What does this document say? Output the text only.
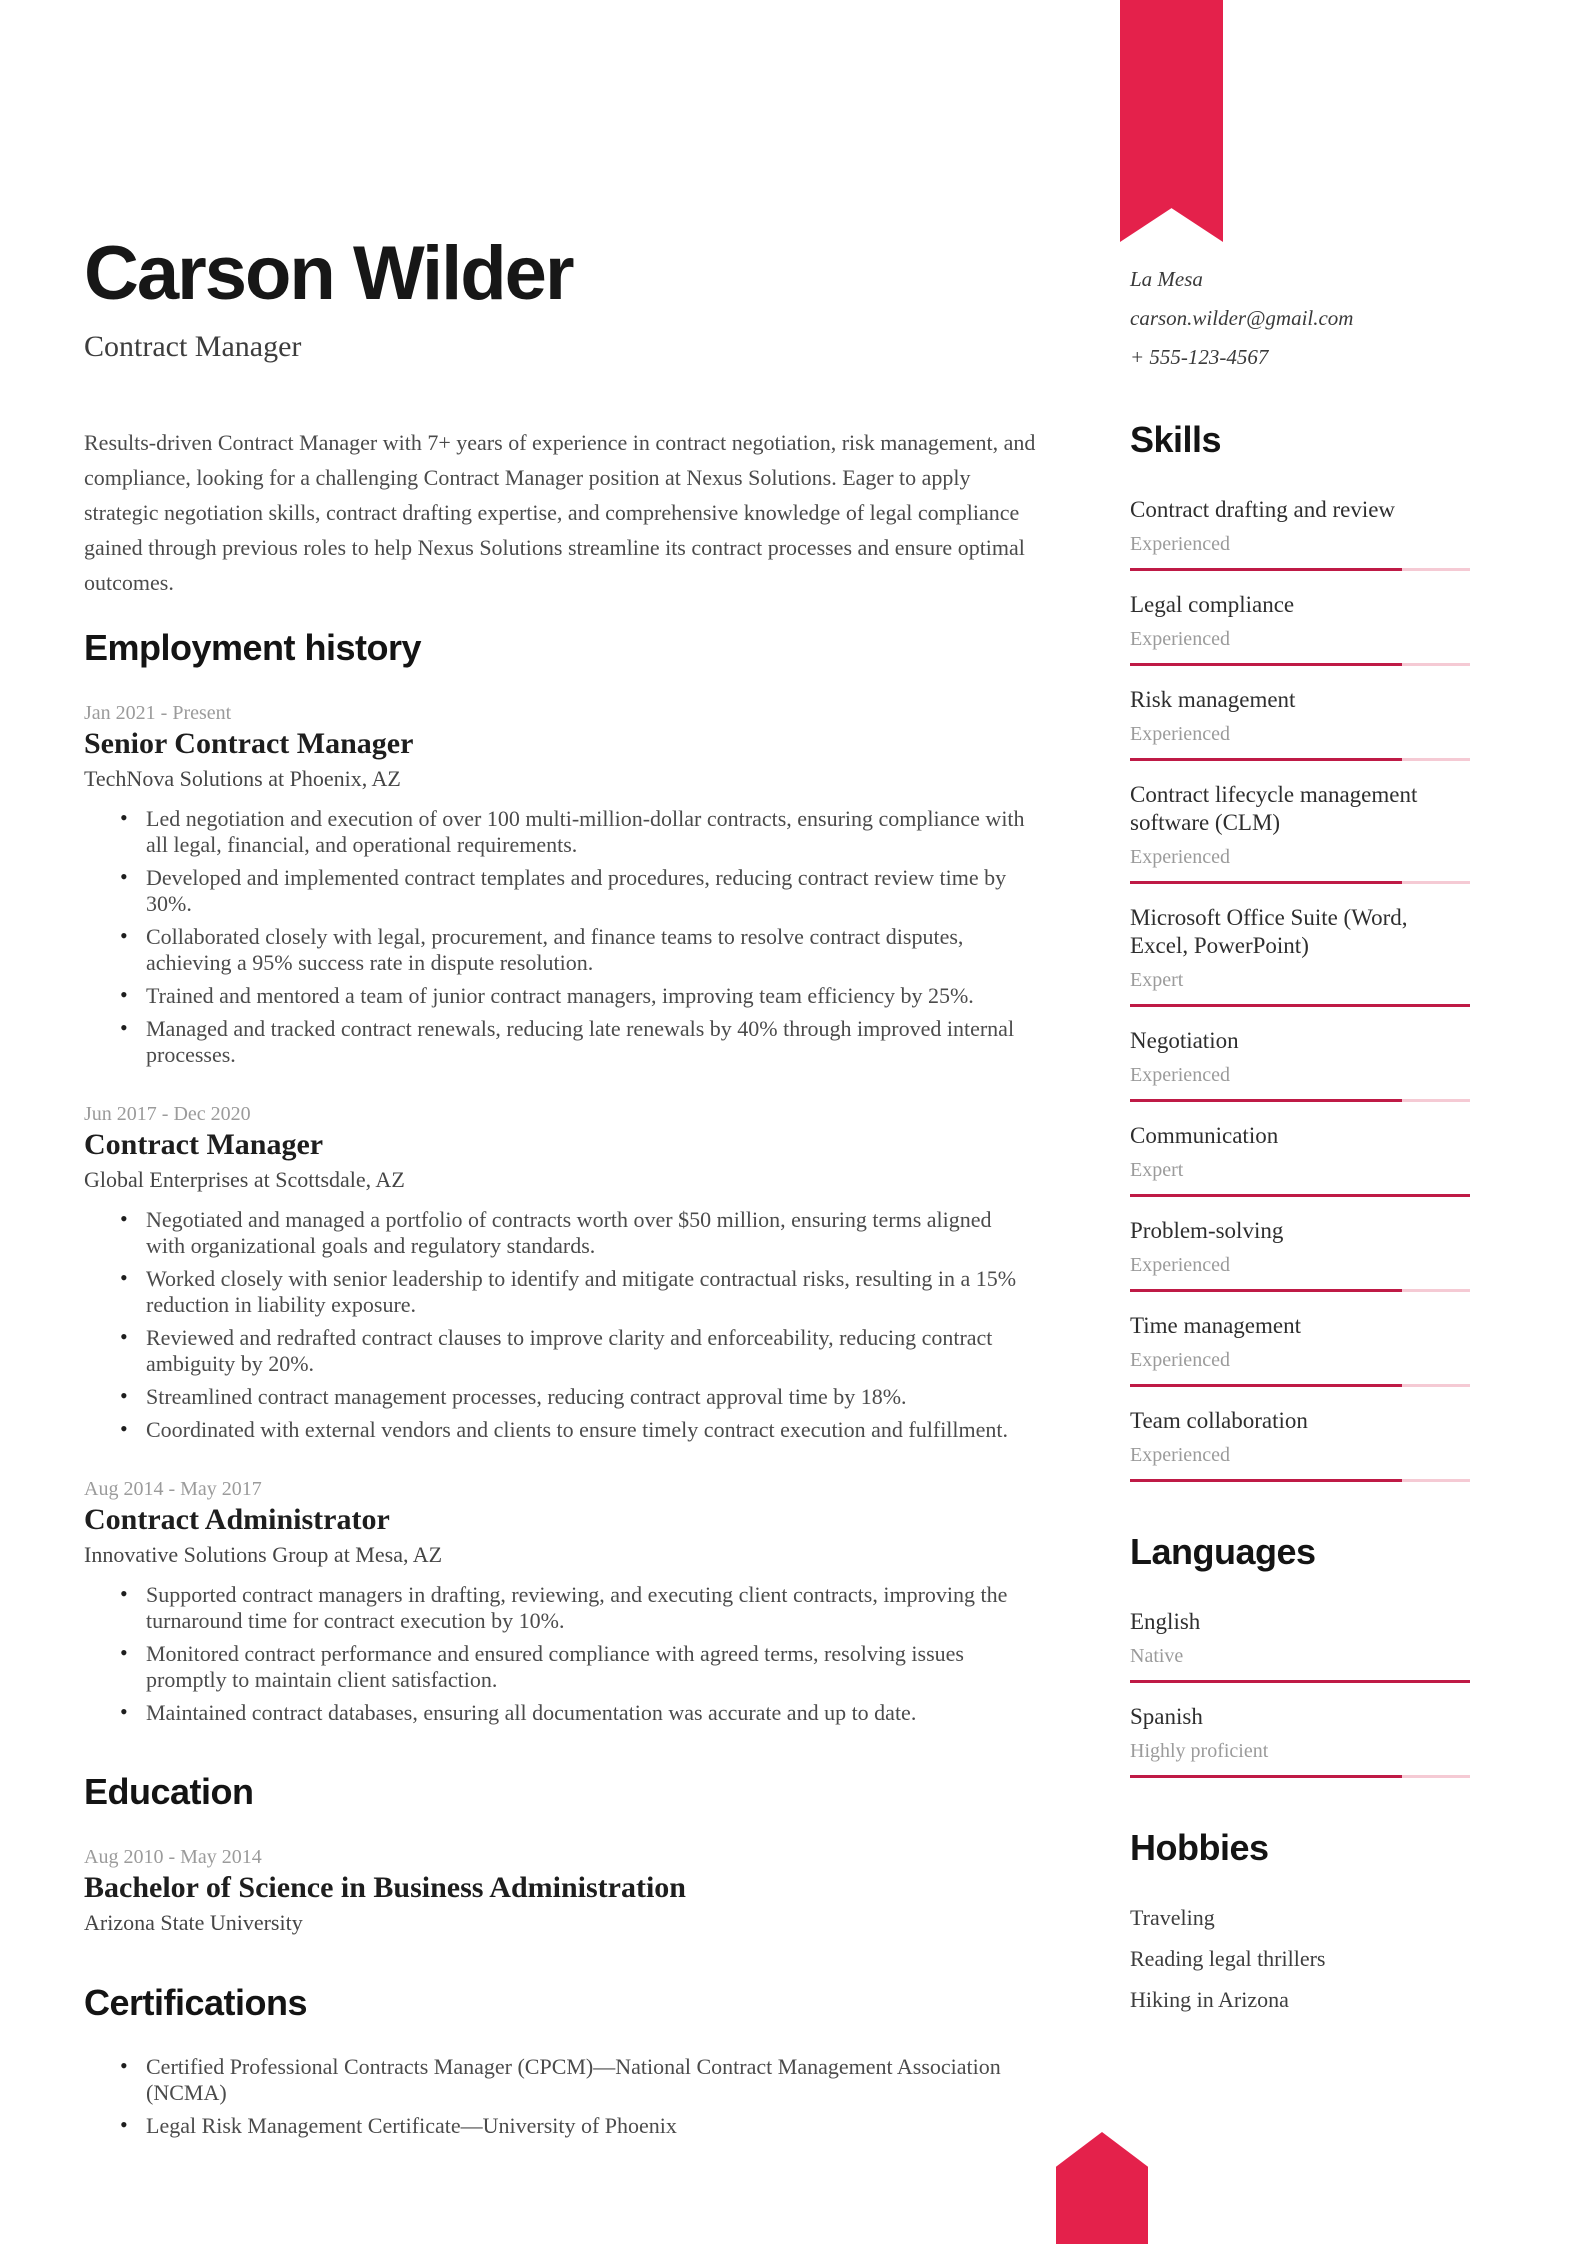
Carson Wilder
Contract Manager

Results-driven Contract Manager with 7+ years of experience in contract negotiation, risk management, and compliance, looking for a challenging Contract Manager position at Nexus Solutions. Eager to apply strategic negotiation skills, contract drafting expertise, and comprehensive knowledge of legal compliance gained through previous roles to help Nexus Solutions streamline its contract processes and ensure optimal outcomes.

Employment history
Jan 2021 - Present
Senior Contract Manager
TechNova Solutions at Phoenix, AZ
• Led negotiation and execution of over 100 multi-million-dollar contracts, ensuring compliance with all legal, financial, and operational requirements.
• Developed and implemented contract templates and procedures, reducing contract review time by 30%.
• Collaborated closely with legal, procurement, and finance teams to resolve contract disputes, achieving a 95% success rate in dispute resolution.
• Trained and mentored a team of junior contract managers, improving team efficiency by 25%.
• Managed and tracked contract renewals, reducing late renewals by 40% through improved internal processes.
Jun 2017 - Dec 2020
Contract Manager
Global Enterprises at Scottsdale, AZ
• Negotiated and managed a portfolio of contracts worth over $50 million, ensuring terms aligned with organizational goals and regulatory standards.
• Worked closely with senior leadership to identify and mitigate contractual risks, resulting in a 15% reduction in liability exposure.
• Reviewed and redrafted contract clauses to improve clarity and enforceability, reducing contract ambiguity by 20%.
• Streamlined contract management processes, reducing contract approval time by 18%.
• Coordinated with external vendors and clients to ensure timely contract execution and fulfillment.
Aug 2014 - May 2017
Contract Administrator
Innovative Solutions Group at Mesa, AZ
• Supported contract managers in drafting, reviewing, and executing client contracts, improving the turnaround time for contract execution by 10%.
• Monitored contract performance and ensured compliance with agreed terms, resolving issues promptly to maintain client satisfaction.
• Maintained contract databases, ensuring all documentation was accurate and up to date.
Education
Aug 2010 - May 2014
Bachelor of Science in Business Administration
Arizona State University
Certifications
• Certified Professional Contracts Manager (CPCM)—National Contract Management Association (NCMA)
• Legal Risk Management Certificate—University of Phoenix
La Mesa
carson.wilder@gmail.com
+ 555-123-4567
Skills
Contract drafting and review
Experienced
Legal compliance
Experienced
Risk management
Experienced
Contract lifecycle management software (CLM)
Experienced
Microsoft Office Suite (Word, Excel, PowerPoint)
Expert
Negotiation
Experienced
Communication
Expert
Problem-solving
Experienced
Time management
Experienced
Team collaboration
Experienced
Languages
English
Native
Spanish
Highly proficient
Hobbies
Traveling
Reading legal thrillers
Hiking in Arizona
